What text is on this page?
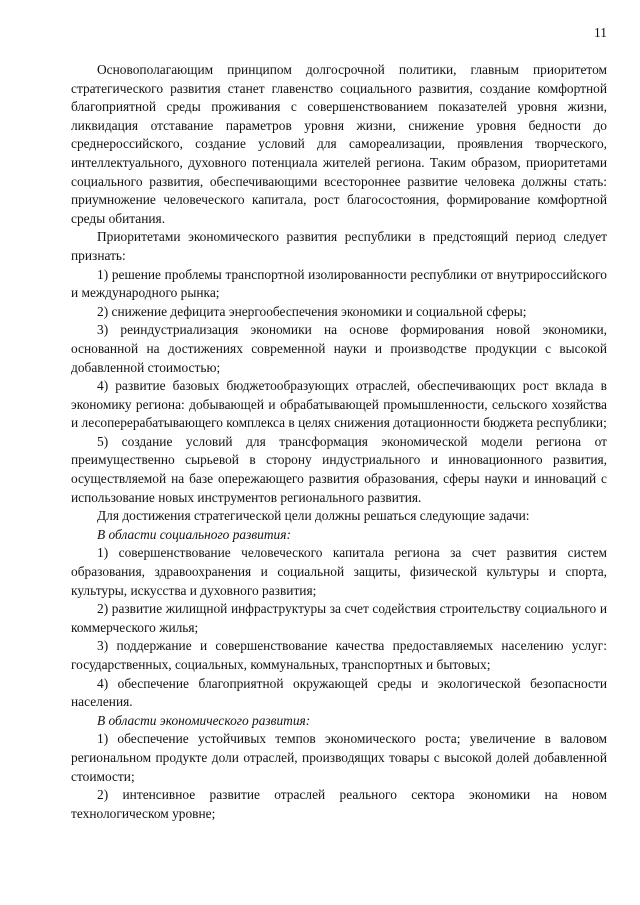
11

Основополагающим принципом долгосрочной политики, главным приоритетом стратегического развития станет главенство социального развития, создание комфортной благоприятной среды проживания с совершенствованием показателей уровня жизни, ликвидация отставание параметров уровня жизни, снижение уровня бедности до среднероссийского, создание условий для самореализации, проявления творческого, интеллектуального, духовного потенциала жителей региона. Таким образом, приоритетами социального развития, обеспечивающими всестороннее развитие человека должны стать: приумножение человеческого капитала, рост благосостояния, формирование комфортной среды обитания.

Приоритетами экономического развития республики в предстоящий период следует признать:

1) решение проблемы транспортной изолированности республики от внутрироссийского и международного рынка;

2) снижение дефицита энергообеспечения экономики и социальной сферы;

3) реиндустриализация экономики на основе формирования новой экономики, основанной на достижениях современной науки и производстве продукции с высокой добавленной стоимостью;

4) развитие базовых бюджетообразующих отраслей, обеспечивающих рост вклада в экономику региона: добывающей и обрабатывающей промышленности, сельского хозяйства и лесоперерабатывающего комплекса в целях снижения дотационности бюджета республики;

5) создание условий для трансформация экономической модели региона от преимущественно сырьевой в сторону индустриального и инновационного развития, осуществляемой на базе опережающего развития образования, сферы науки и инноваций с использование новых инструментов регионального развития.

Для достижения стратегической цели должны решаться следующие задачи:

В области социального развития:

1) совершенствование человеческого капитала региона за счет развития систем образования, здравоохранения и социальной защиты, физической культуры и спорта, культуры, искусства и духовного развития;

2) развитие жилищной инфраструктуры за счет содействия строительству социального и коммерческого жилья;

3) поддержание и совершенствование качества предоставляемых населению услуг: государственных, социальных, коммунальных, транспортных и бытовых;

4) обеспечение благоприятной окружающей среды и экологической безопасности населения.

В области экономического развития:

1) обеспечение устойчивых темпов экономического роста; увеличение в валовом региональном продукте доли отраслей, производящих товары с высокой долей добавленной стоимости;

2) интенсивное развитие отраслей реального сектора экономики на новом технологическом уровне;
